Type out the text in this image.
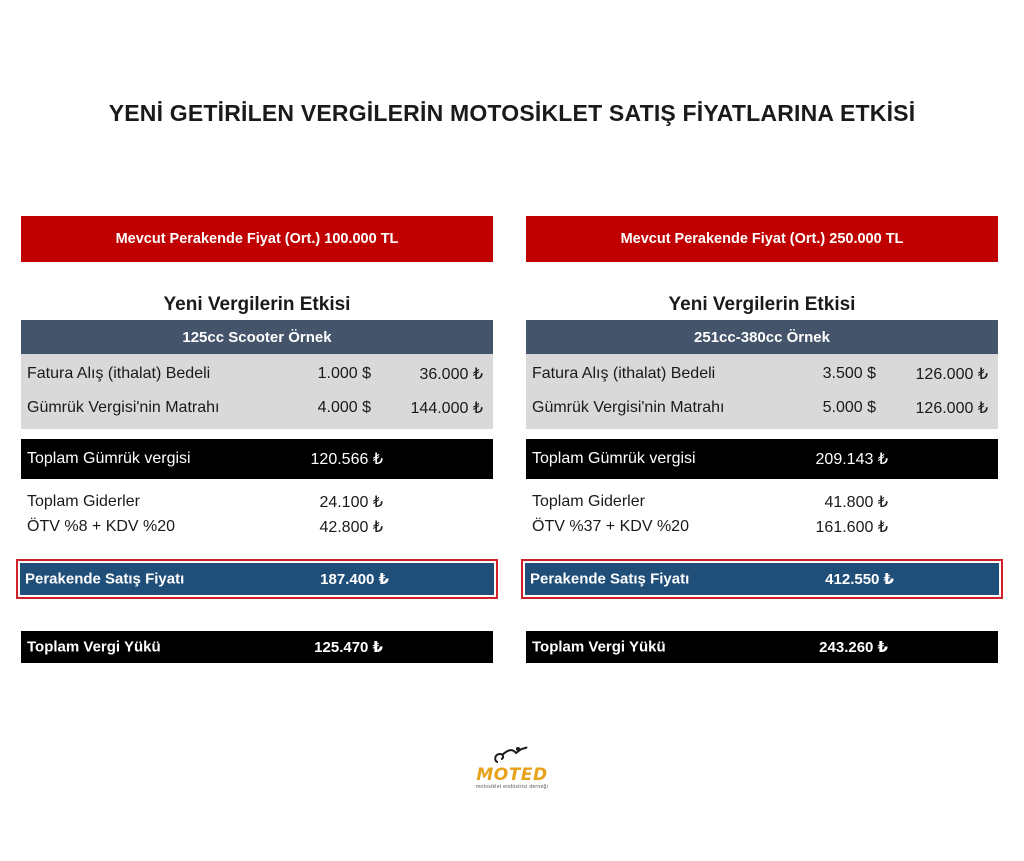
YENİ GETİRİLEN VERGİLERİN MOTOSİKLET SATIŞ FİYATLARINA ETKİSİ
Mevcut Perakende Fiyat (Ort.) 100.000 TL
Yeni Vergilerin Etkisi
125cc Scooter Örnek
Fatura Alış (ithalat) Bedeli	1.000 $	36.000 ₺
Gümrük Vergisi'nin Matrahı	4.000 $ 144.000 ₺
Toplam Gümrük vergisi	120.566 ₺
Toplam Giderler	24.100 ₺
ÖTV %8 + KDV %20	42.800 ₺
Perakende Satış Fiyatı	187.400 ₺
Toplam Vergi Yükü	125.470 ₺
Mevcut Perakende Fiyat (Ort.) 250.000 TL
Yeni Vergilerin Etkisi
251cc-380cc Örnek
Fatura Alış (ithalat) Bedeli	3.500 $ 126.000 ₺
Gümrük Vergisi'nin Matrahı	5.000 $ 126.000 ₺
Toplam Gümrük vergisi	209.143 ₺
Toplam Giderler	41.800 ₺
ÖTV %37 + KDV %20	161.600 ₺
Perakende Satış Fiyatı	412.550 ₺
Toplam Vergi Yükü	243.260 ₺
MOTED
motosiklet endüstrisi derneği
